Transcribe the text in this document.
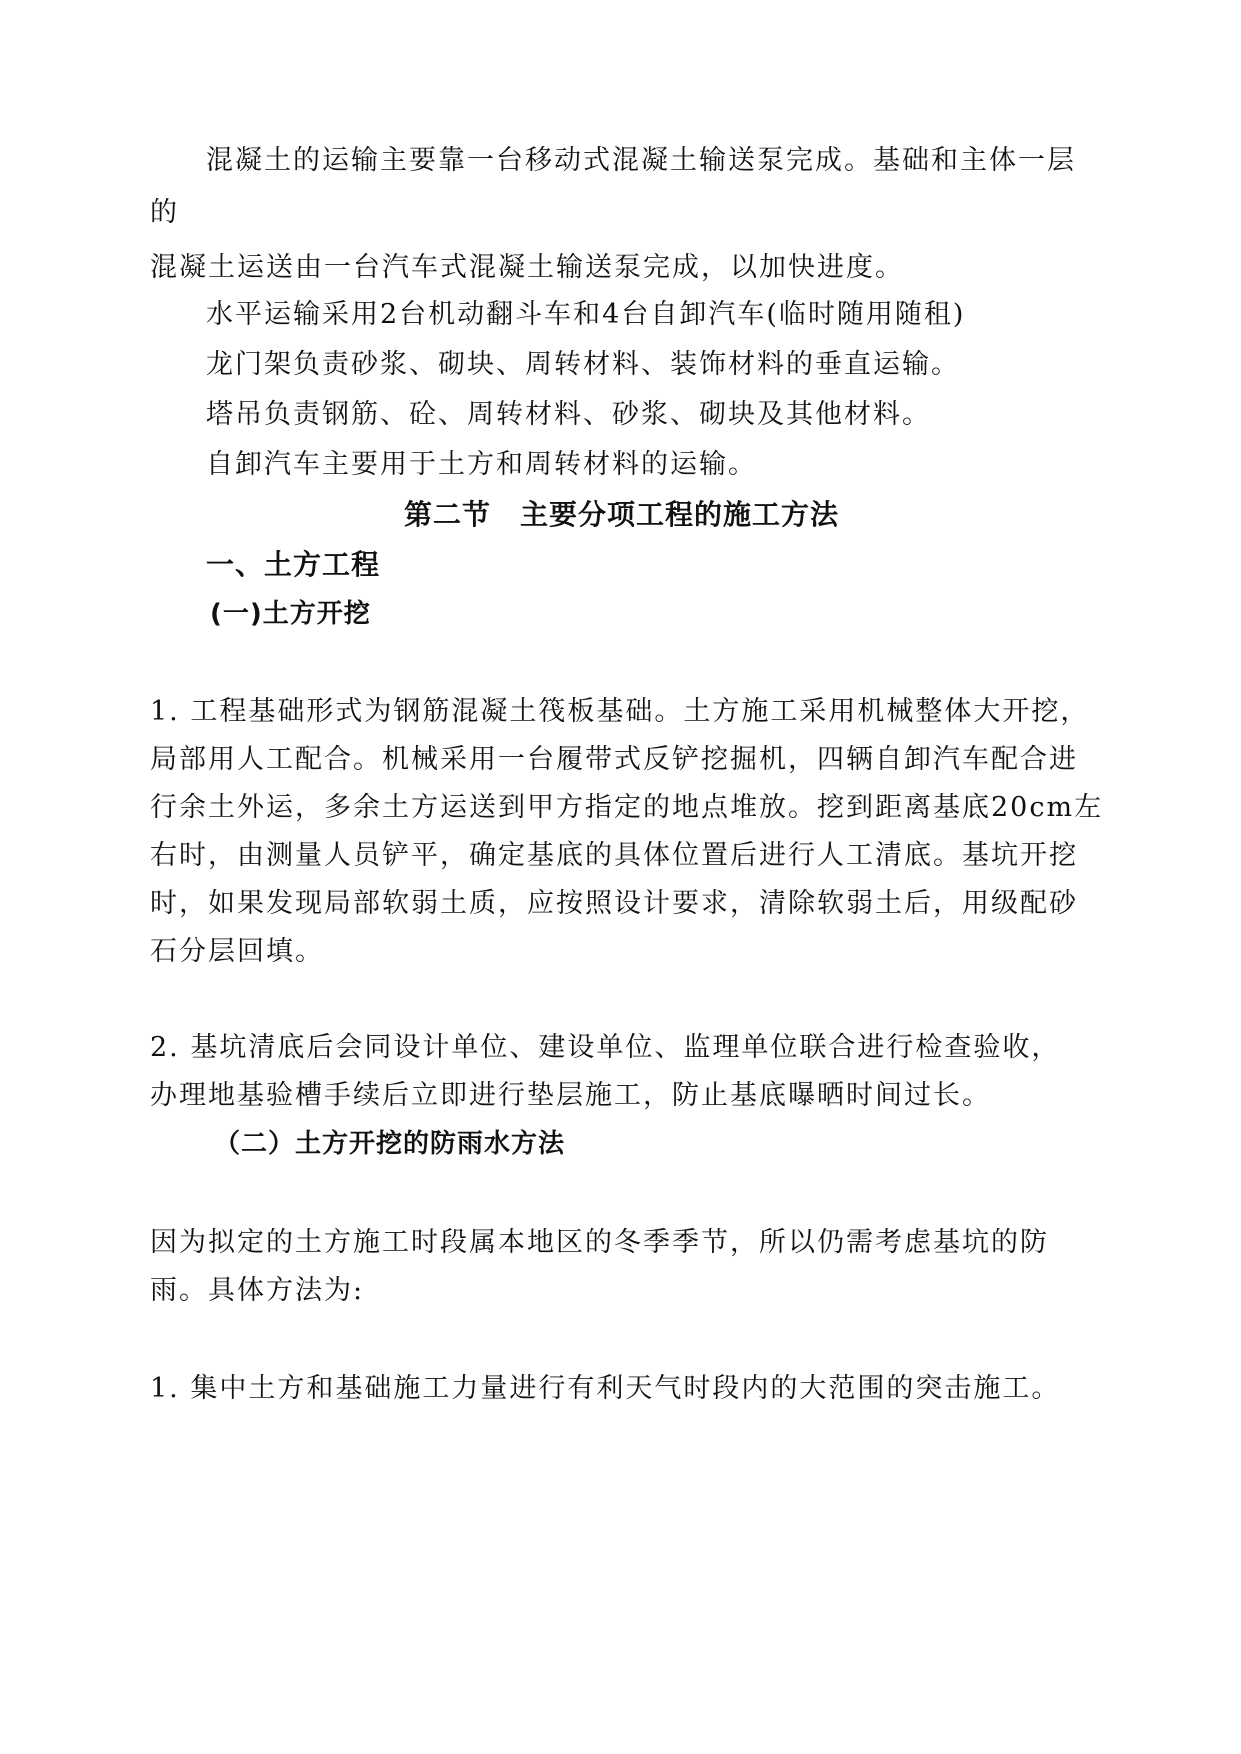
混凝土的运输主要靠一台移动式混凝土输送泵完成。基础和主体一层
的
混凝土运送由一台汽车式混凝土输送泵完成，以加快进度。
水平运输采用2台机动翻斗车和4台自卸汽车(临时随用随租)
龙门架负责砂浆、砌块、周转材料、装饰材料的垂直运输。
塔吊负责钢筋、砼、周转材料、砂浆、砌块及其他材料。
自卸汽车主要用于土方和周转材料的运输。
第二节　主要分项工程的施工方法
一、土方工程
(一)土方开挖
1. 工程基础形式为钢筋混凝土筏板基础。土方施工采用机械整体大开挖，
局部用人工配合。机械采用一台履带式反铲挖掘机，四辆自卸汽车配合进
行余土外运，多余土方运送到甲方指定的地点堆放。挖到距离基底20cm左
右时，由测量人员铲平，确定基底的具体位置后进行人工清底。基坑开挖
时，如果发现局部软弱土质，应按照设计要求，清除软弱土后，用级配砂
石分层回填。
2. 基坑清底后会同设计单位、建设单位、监理单位联合进行检查验收，
办理地基验槽手续后立即进行垫层施工，防止基底曝晒时间过长。
（二）土方开挖的防雨水方法
因为拟定的土方施工时段属本地区的冬季季节，所以仍需考虑基坑的防
雨。具体方法为:
1. 集中土方和基础施工力量进行有利天气时段内的大范围的突击施工。
